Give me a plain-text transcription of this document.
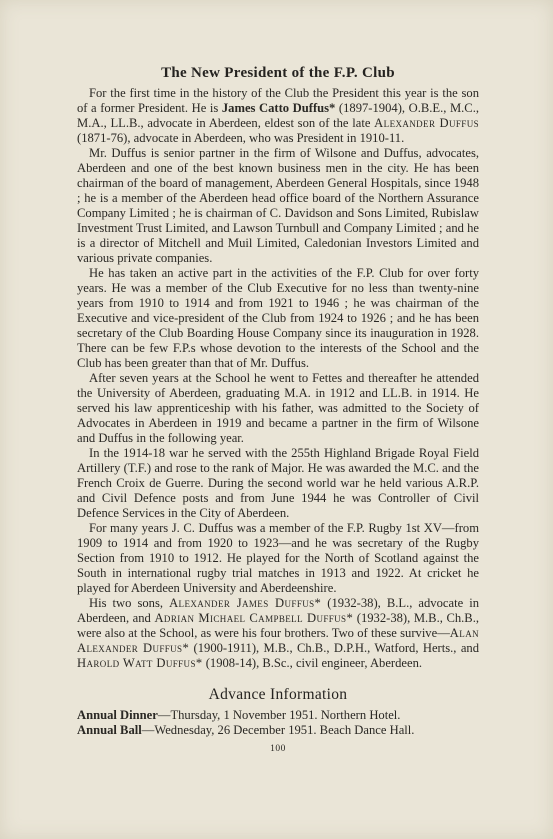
The New President of the F.P. Club

For the first time in the history of the Club the President this year is the son of a former President. He is James Catto Duffus* (1897-1904), O.B.E., M.C., M.A., LL.B., advocate in Aberdeen, eldest son of the late Alexander Duffus (1871-76), advocate in Aberdeen, who was President in 1910-11.

Mr. Duffus is senior partner in the firm of Wilsone and Duffus, advocates, Aberdeen and one of the best known business men in the city. He has been chairman of the board of management, Aberdeen General Hospitals, since 1948 ; he is a member of the Aberdeen head office board of the Northern Assurance Company Limited ; he is chairman of C. Davidson and Sons Limited, Rubislaw Investment Trust Limited, and Lawson Turnbull and Company Limited ; and he is a director of Mitchell and Muil Limited, Caledonian Investors Limited and various private companies.

He has taken an active part in the activities of the F.P. Club for over forty years. He was a member of the Club Executive for no less than twenty-nine years from 1910 to 1914 and from 1921 to 1946 ; he was chairman of the Executive and vice-president of the Club from 1924 to 1926 ; and he has been secretary of the Club Boarding House Company since its inauguration in 1928. There can be few F.P.s whose devotion to the interests of the School and the Club has been greater than that of Mr. Duffus.

After seven years at the School he went to Fettes and thereafter he attended the University of Aberdeen, graduating M.A. in 1912 and LL.B. in 1914. He served his law apprenticeship with his father, was admitted to the Society of Advocates in Aberdeen in 1919 and became a partner in the firm of Wilsone and Duffus in the following year.

In the 1914-18 war he served with the 255th Highland Brigade Royal Field Artillery (T.F.) and rose to the rank of Major. He was awarded the M.C. and the French Croix de Guerre. During the second world war he held various A.R.P. and Civil Defence posts and from June 1944 he was Controller of Civil Defence Services in the City of Aberdeen.

For many years J. C. Duffus was a member of the F.P. Rugby 1st XV—from 1909 to 1914 and from 1920 to 1923—and he was secretary of the Rugby Section from 1910 to 1912. He played for the North of Scotland against the South in international rugby trial matches in 1913 and 1922. At cricket he played for Aberdeen University and Aberdeenshire.

His two sons, Alexander James Duffus* (1932-38), B.L., advocate in Aberdeen, and Adrian Michael Campbell Duffus* (1932-38), M.B., Ch.B., were also at the School, as were his four brothers. Two of these survive—Alan Alexander Duffus* (1900-1911), M.B., Ch.B., D.P.H., Watford, Herts., and Harold Watt Duffus* (1908-14), B.Sc., civil engineer, Aberdeen.

Advance Information

Annual Dinner—Thursday, 1 November 1951. Northern Hotel.

Annual Ball—Wednesday, 26 December 1951. Beach Dance Hall.

100
